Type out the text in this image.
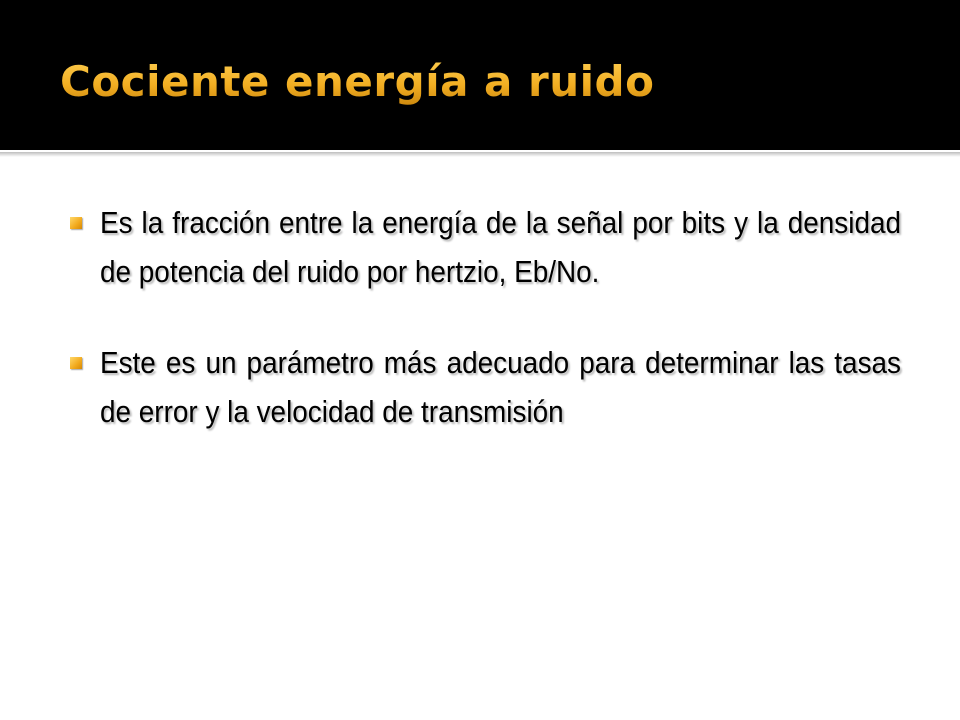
Cociente energía a ruido

Es la fracción entre la energía de la señal por bits y la densidad de potencia del ruido por hertzio, Eb/No.

Este es un parámetro más adecuado para determinar las tasas de error y la velocidad de transmisión
